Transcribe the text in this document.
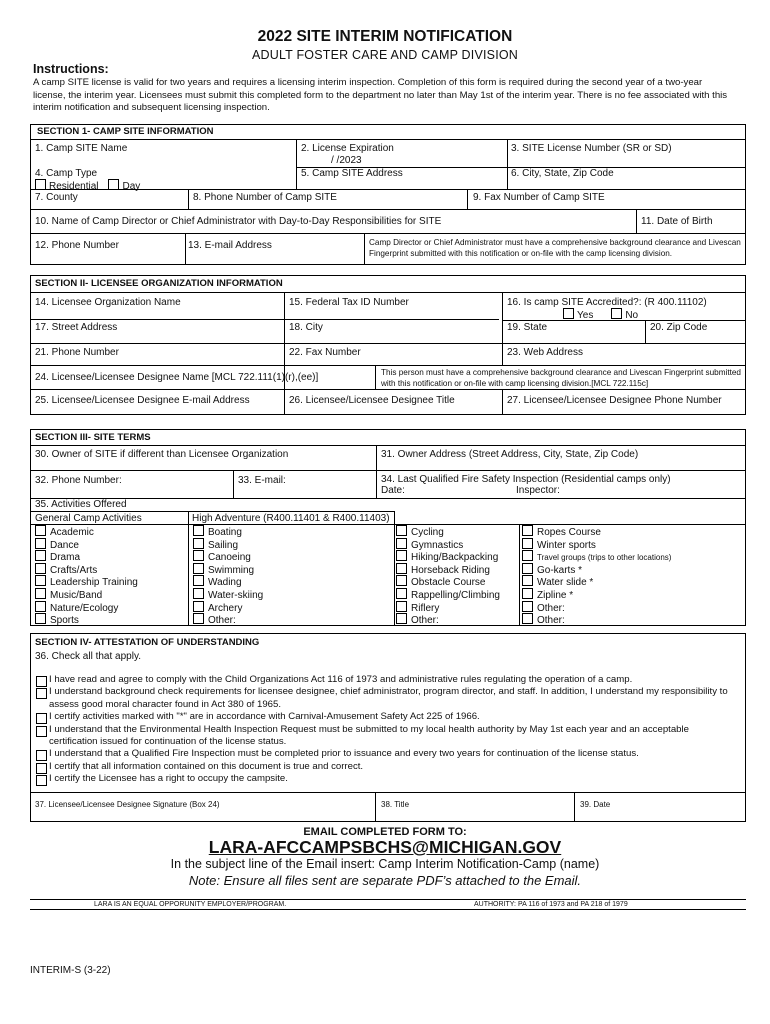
2022 SITE INTERIM NOTIFICATION
ADULT FOSTER CARE AND CAMP DIVISION
Instructions:
A camp SITE license is valid for two years and requires a licensing interim inspection. Completion of this form is required during the second year of a two-year license, the interim year. Licensees must submit this completed form to the department no later than May 1st of the interim year. There is no fee associated with this interim notification and subsequent licensing inspection.
SECTION 1- CAMP SITE INFORMATION
1. Camp SITE Name	2. License Expiration
/ /2023
3. SITE License Number (SR or SD)
4. Camp Type
Residential Day
5. Camp SITE Address	6. City, State, Zip Code
7. County	8. Phone Number of Camp SITE	9. Fax Number of Camp SITE
10. Name of Camp Director or Chief Administrator with Day-to-Day Responsibilities for SITE	11. Date of Birth
12. Phone Number	13. E-mail Address	Camp Director or Chief Administrator must have a comprehensive background clearance and Livescan Fingerprint submitted with this notification or on-file with the camp licensing division.
SECTION II- LICENSEE ORGANIZATION INFORMATION
14. Licensee Organization Name	15. Federal Tax ID Number	16. Is camp SITE Accredited?: (R 400.11102)
Yes	No
17. Street Address	18. City	19. State	20. Zip Code
21. Phone Number	22. Fax Number	23. Web Address
24. Licensee/Licensee Designee Name [MCL 722.111(1)(r),(ee)]	This person must have a comprehensive background clearance and Livescan Fingerprint submitted with this notification or on-file with camp licensing division.[MCL 722.115c]
25. Licensee/Licensee Designee E-mail Address	26. Licensee/Licensee Designee Title	27. Licensee/Licensee Designee Phone Number
SECTION III- SITE TERMS
30. Owner of SITE if different than Licensee Organization	31. Owner Address (Street Address, City, State, Zip Code)
32. Phone Number:	33. E-mail:	34. Last Qualified Fire Safety Inspection (Residential camps only)
Date:	Inspector:
35. Activities Offered
General Camp Activities	High Adventure (R400.11401 & R400.11403)
Academic
Dance
Drama
Crafts/Arts
Leadership Training
Music/Band
Nature/Ecology
Sports
Boating
Sailing
Canoeing
Swimming
Wading
Water-skiing
Archery
Other:
Cycling
Gymnastics
Hiking/Backpacking
Horseback Riding
Obstacle Course
Rappelling/Climbing
Riflery
Other:
Ropes Course
Winter sports
Travel groups (trips to other locations)
Go-karts *
Water slide *
Zipline *
Other:
Other:
SECTION IV- ATTESTATION OF UNDERSTANDING
36. Check all that apply.
I have read and agree to comply with the Child Organizations Act 116 of 1973 and administrative rules regulating the operation of a camp.
I understand background check requirements for licensee designee, chief administrator, program director, and staff. In addition, I understand my responsibility to assess good moral character found in Act 380 of 1965.
I certify activities marked with "*" are in accordance with Carnival-Amusement Safety Act 225 of 1966.
I understand that the Environmental Health Inspection Request must be submitted to my local health authority by May 1st each year and an acceptable certification issued for continuation of the license status.
I understand that a Qualified Fire Inspection must be completed prior to issuance and every two years for continuation of the license status.
I certify that all information contained on this document is true and correct.
I certify the Licensee has a right to occupy the campsite.
37. Licensee/Licensee Designee Signature (Box 24)	38. Title	39. Date
EMAIL COMPLETED FORM TO:
LARA-AFCCAMPSBCHS@MICHIGAN.GOV
In the subject line of the Email insert: Camp Interim Notification-Camp (name)
Note: Ensure all files sent are separate PDF’s attached to the Email.
LARA IS AN EQUAL OPPORUNITY EMPLOYER/PROGRAM.	AUTHORITY: PA 116 of 1973 and PA 218 of 1979
INTERIM-S (3-22)
